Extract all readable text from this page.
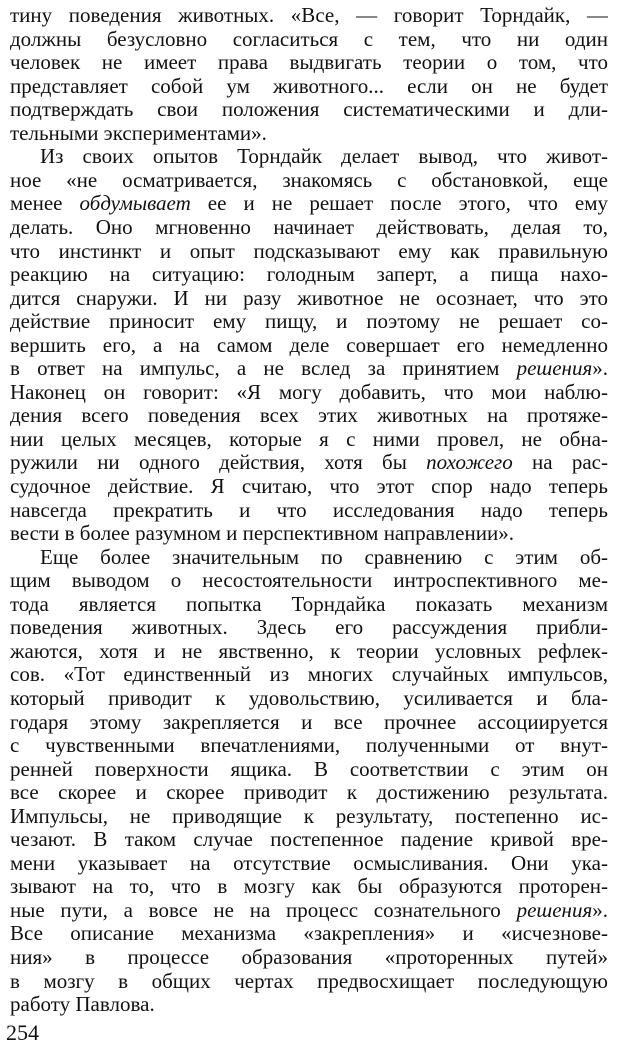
тину поведения животных. «Все, — говорит Торндайк, —
должны безусловно согласиться с тем, что ни один
человек не имеет права выдвигать теории о том, что
представляет собой ум животного... если он не будет
подтверждать свои положения систематическими и дли-
тельными экспериментами».
Из своих опытов Торндайк делает вывод, что живот-
ное «не осматривается, знакомясь с обстановкой, еще
менее обдумывает ее и не решает после этого, что ему
делать. Оно мгновенно начинает действовать, делая то,
что инстинкт и опыт подсказывают ему как правильную
реакцию на ситуацию: голодным заперт, а пища нахо-
дится снаружи. И ни разу животное не осознает, что это
действие приносит ему пищу, и поэтому не решает со-
вершить его, а на самом деле совершает его немедленно
в ответ на импульс, а не вслед за принятием решения».
Наконец он говорит: «Я могу добавить, что мои наблю-
дения всего поведения всех этих животных на протяже-
нии целых месяцев, которые я с ними провел, не обна-
ружили ни одного действия, хотя бы похожего на рас-
судочное действие. Я считаю, что этот спор надо теперь
навсегда прекратить и что исследования надо теперь
вести в более разумном и перспективном направлении».
Еще более значительным по сравнению с этим об-
щим выводом о несостоятельности интроспективного ме-
тода является попытка Торндайка показать механизм
поведения животных. Здесь его рассуждения прибли-
жаются, хотя и не явственно, к теории условных рефлек-
сов. «Тот единственный из многих случайных импульсов,
который приводит к удовольствию, усиливается и бла-
годаря этому закрепляется и все прочнее ассоциируется
с чувственными впечатлениями, полученными от внут-
ренней поверхности ящика. В соответствии с этим он
все скорее и скорее приводит к достижению результата.
Импульсы, не приводящие к результату, постепенно ис-
чезают. В таком случае постепенное падение кривой вре-
мени указывает на отсутствие осмысливания. Они ука-
зывают на то, что в мозгу как бы образуются проторен-
ные пути, а вовсе не на процесс сознательного решения».
Все описание механизма «закрепления» и «исчезнове-
ния» в процессе образования «проторенных путей»
в мозгу в общих чертах предвосхищает последующую
работу Павлова.
254
